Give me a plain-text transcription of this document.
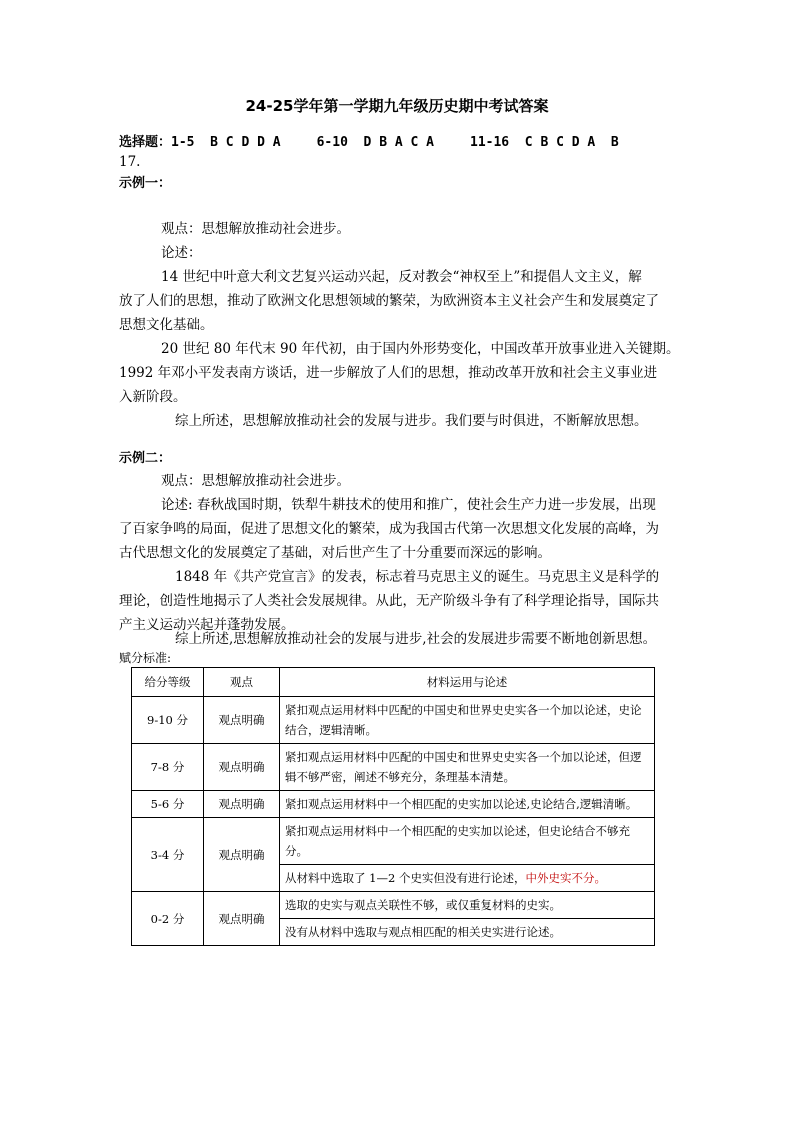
24-25学年第一学期九年级历史期中考试答案
选择题：1-5  B C D D A	6-10  D B A C A	11-16  C B C D A  B
17.
示例一：
观点：思想解放推动社会进步。
论述：
14 世纪中叶意大利文艺复兴运动兴起，反对教会“神权至上”和提倡人文主义，解
放了人们的思想，推动了欧洲文化思想领域的繁荣，为欧洲资本主义社会产生和发展奠定了
思想文化基础。
20 世纪 80 年代末 90 年代初，由于国内外形势变化，中国改革开放事业进入关键期。
1992 年邓小平发表南方谈话，进一步解放了人们的思想，推动改革开放和社会主义事业进
入新阶段。
综上所述，思想解放推动社会的发展与进步。我们要与时俱进，不断解放思想。
示例二：
观点：思想解放推动社会进步。
论述: 春秋战国时期，铁犁牛耕技术的使用和推广，使社会生产力进一步发展，出现
了百家争鸣的局面，促进了思想文化的繁荣，成为我国古代第一次思想文化发展的高峰，为
古代思想文化的发展奠定了基础，对后世产生了十分重要而深远的影响。
1848 年《共产党宣言》的发表，标志着马克思主义的诞生。马克思主义是科学的
理论，创造性地揭示了人类社会发展规律。从此，无产阶级斗争有了科学理论指导，国际共
产主义运动兴起并蓬勃发展。
综上所述,思想解放推动社会的发展与进步,社会的发展进步需要不断地创新思想。
赋分标准:
给分等级	观点	材料运用与论述
9-10 分	观点明确	紧扣观点运用材料中匹配的中国史和世界史史实各一个加以论述，史论结合，逻辑清晰。
7-8 分	观点明确	紧扣观点运用材料中匹配的中国史和世界史史实各一个加以论述，但逻辑不够严密，阐述不够充分，条理基本清楚。
5-6 分	观点明确	紧扣观点运用材料中一个相匹配的史实加以论述,史论结合,逻辑清晰。
3-4 分	观点明确	紧扣观点运用材料中一个相匹配的史实加以论述，但史论结合不够充分。
		从材料中选取了 1—2 个史实但没有进行论述，中外史实不分。
0-2 分	观点明确	选取的史实与观点关联性不够，或仅重复材料的史实。
		没有从材料中选取与观点相匹配的相关史实进行论述。
